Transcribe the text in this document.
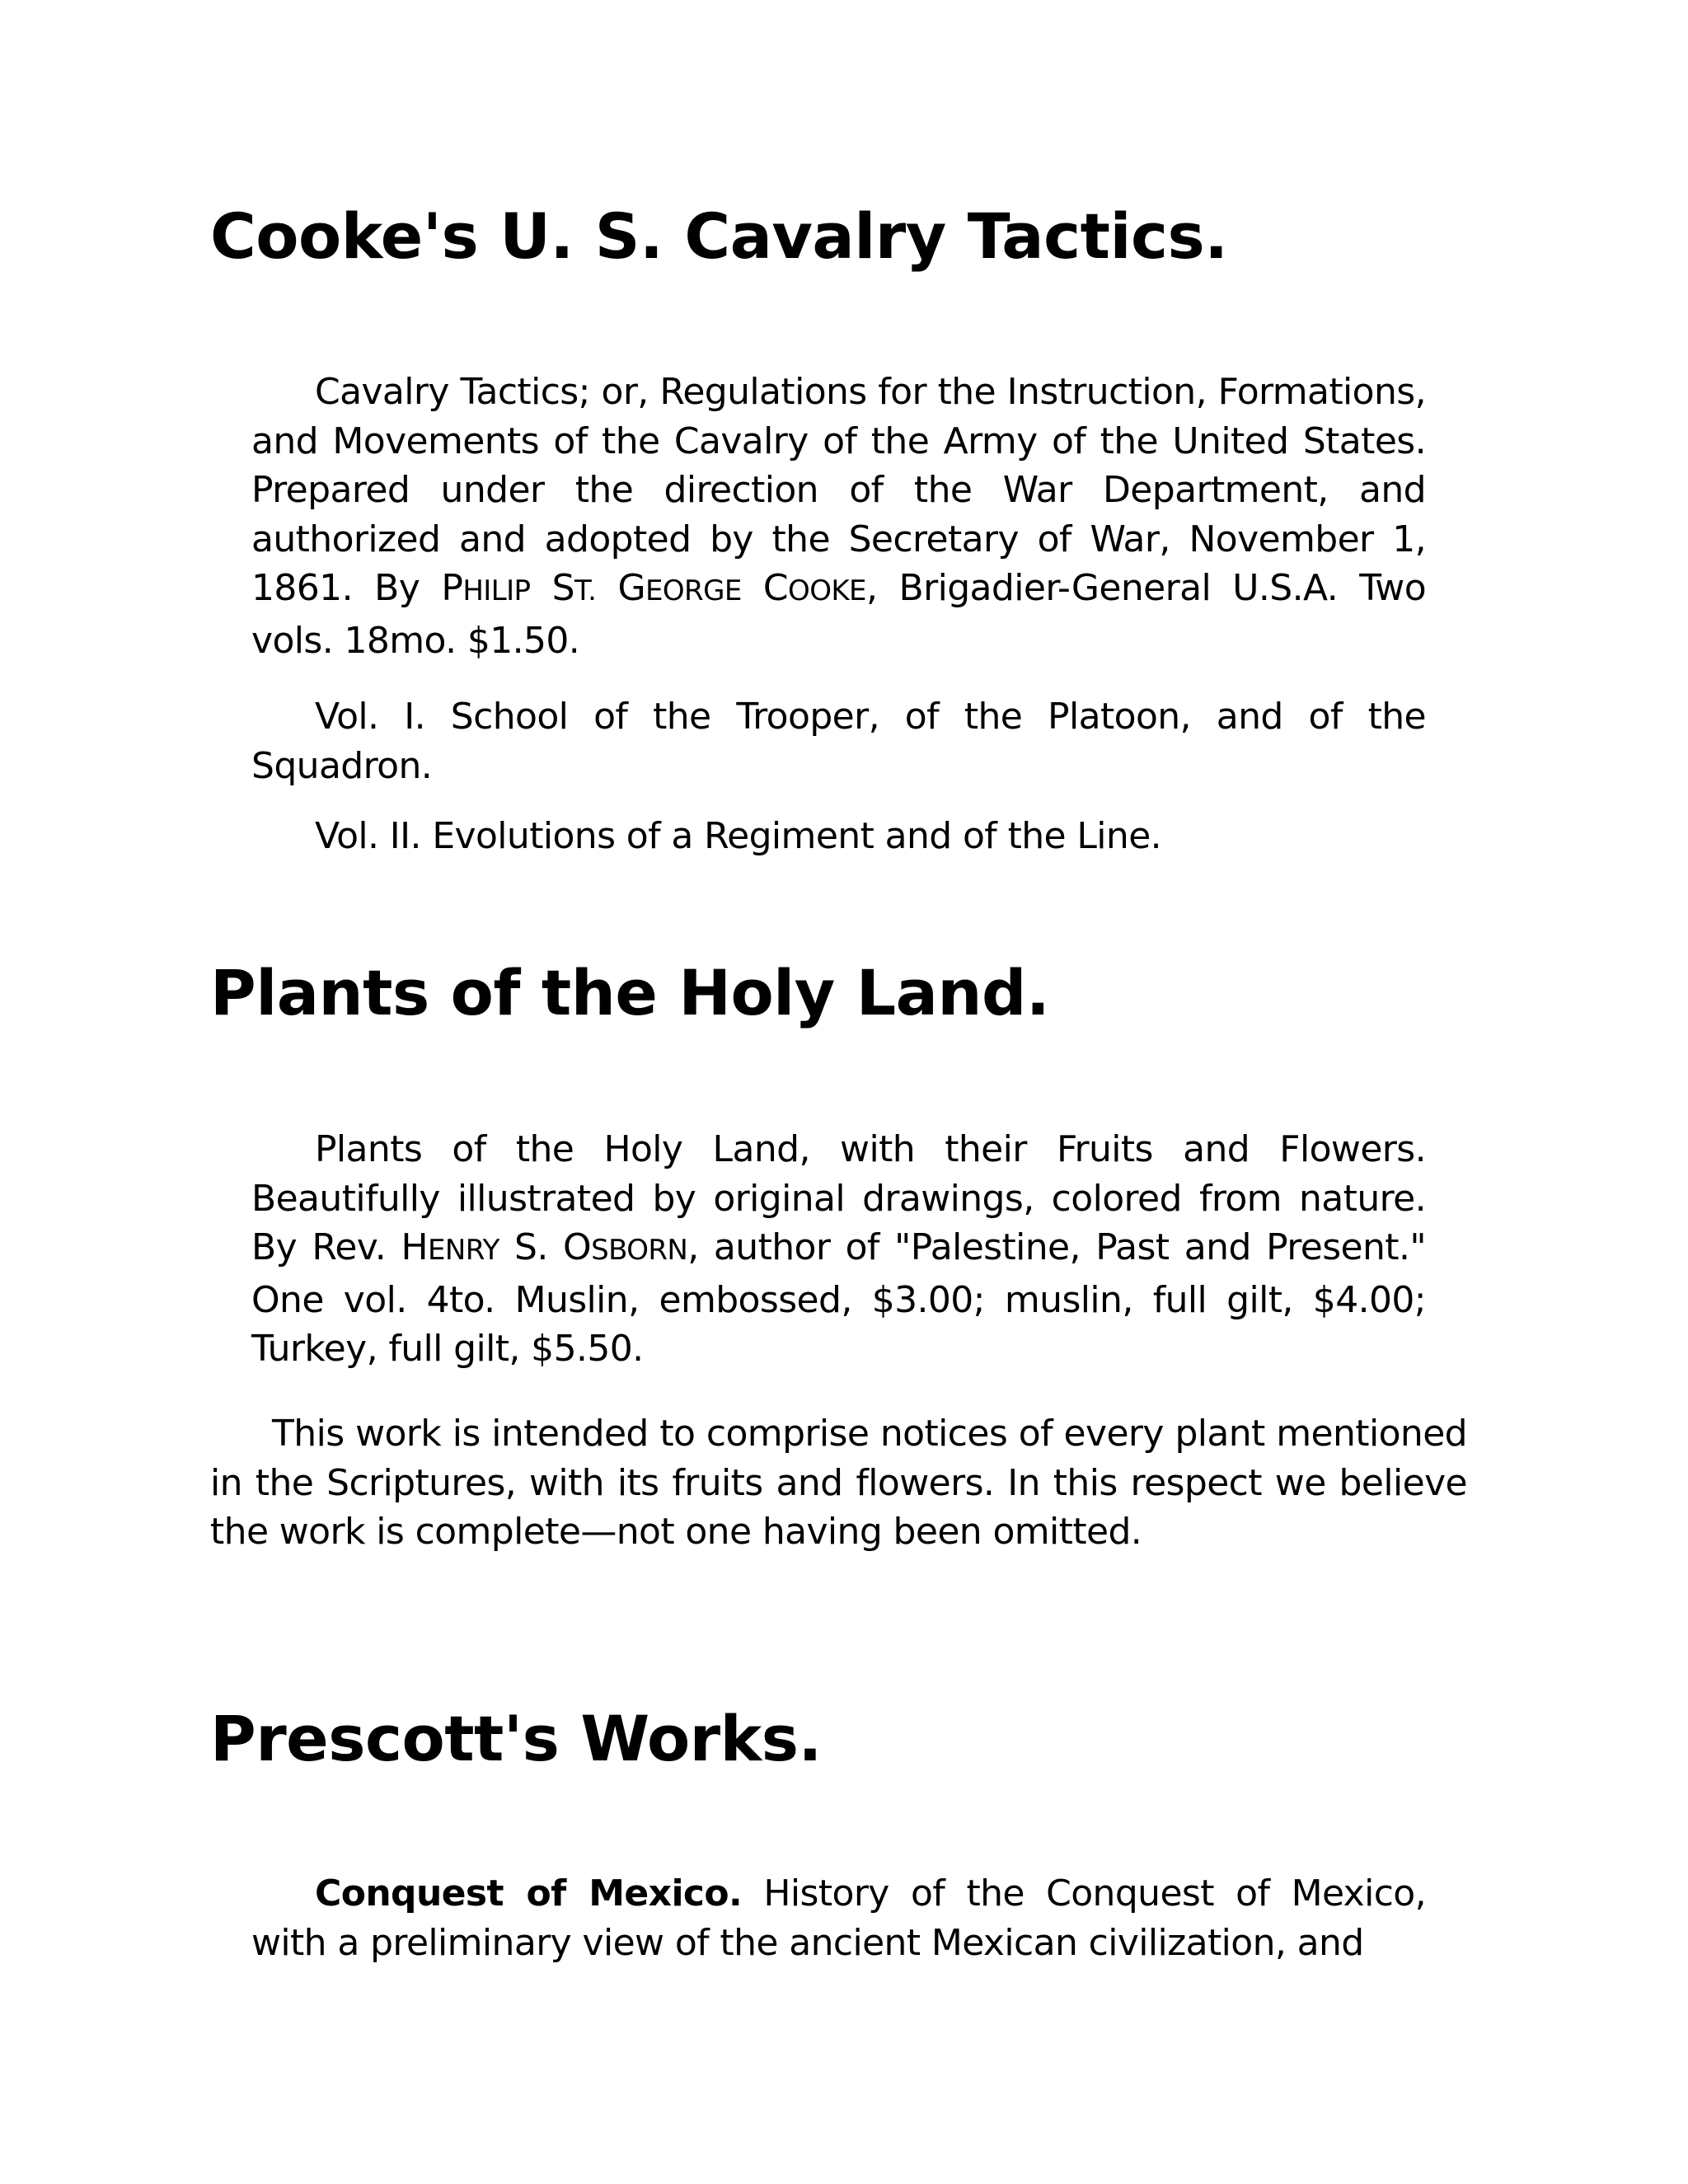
Cooke's U. S. Cavalry Tactics.

Cavalry Tactics; or, Regulations for the Instruction, Formations, and Movements of the Cavalry of the Army of the United States. Prepared under the direction of the War Department, and authorized and adopted by the Secretary of War, November 1, 1861. By PHILIP ST. GEORGE COOKE, Brigadier-General U.S.A. Two vols. 18mo. $1.50.

Vol. I. School of the Trooper, of the Platoon, and of the Squadron.

Vol. II. Evolutions of a Regiment and of the Line.

Plants of the Holy Land.

Plants of the Holy Land, with their Fruits and Flowers. Beautifully illustrated by original drawings, colored from nature. By Rev. HENRY S. OSBORN, author of "Palestine, Past and Present." One vol. 4to. Muslin, embossed, $3.00; muslin, full gilt, $4.00; Turkey, full gilt, $5.50.

This work is intended to comprise notices of every plant mentioned in the Scriptures, with its fruits and flowers. In this respect we believe the work is complete—not one having been omitted.

Prescott's Works.

Conquest of Mexico. History of the Conquest of Mexico, with a preliminary view of the ancient Mexican civilization, and
